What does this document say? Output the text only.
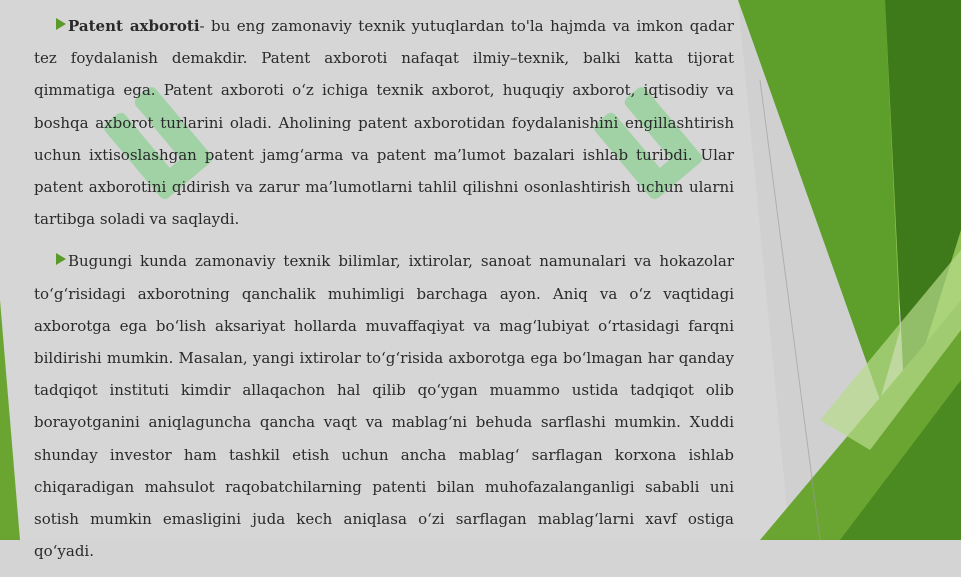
Patent axboroti- bu eng zamonaviy texnik yutuqlardan to'la hajmda va imkon qadar tez foydalanish demakdir. Patent axboroti nafaqat ilmiy–texnik, balki katta tijorat qimmatiga ega. Patent axboroti o‘z ichiga texnik axborot, huquqiy axborot, iqtisodiy va boshqa axborot turlarini oladi. Aholining patent axborotidan foydalanishini engillashtirish uchun ixtisoslashgan patent jamg‘arma va patent ma’lumot bazalari ishlab turibdi. Ular patent axborotini qidirish va zarur ma’lumotlarni tahlil qilishni osonlashtirish uchun ularni tartibga soladi va saqlaydi.

Bugungi kunda zamonaviy texnik bilimlar, ixtirolar, sanoat namunalari va hokazolar to‘g‘risidagi axborotning qanchalik muhimligi barchaga ayon. Aniq va o‘z vaqtidagi axborotga ega bo‘lish aksariyat hollarda muvaffaqiyat va mag‘lubiyat o‘rtasidagi farqni bildirishi mumkin. Masalan, yangi ixtirolar to‘g‘risida axborotga ega bo‘lmagan har qanday tadqiqot instituti kimdir allaqachon hal qilib qo‘ygan muammo ustida tadqiqot olib borayotganini aniqlaguncha qancha vaqt va mablag‘ni behuda sarflashi mumkin. Xuddi shunday investor ham tashkil etish uchun ancha mablag‘ sarflagan korxona ishlab chiqaradigan mahsulot raqobatchilarning patenti bilan muhofazalanganligi sababli uni sotish mumkin emasligini juda kech aniqlasa o‘zi sarflagan mablag‘larni xavf ostiga qo‘yadi.
